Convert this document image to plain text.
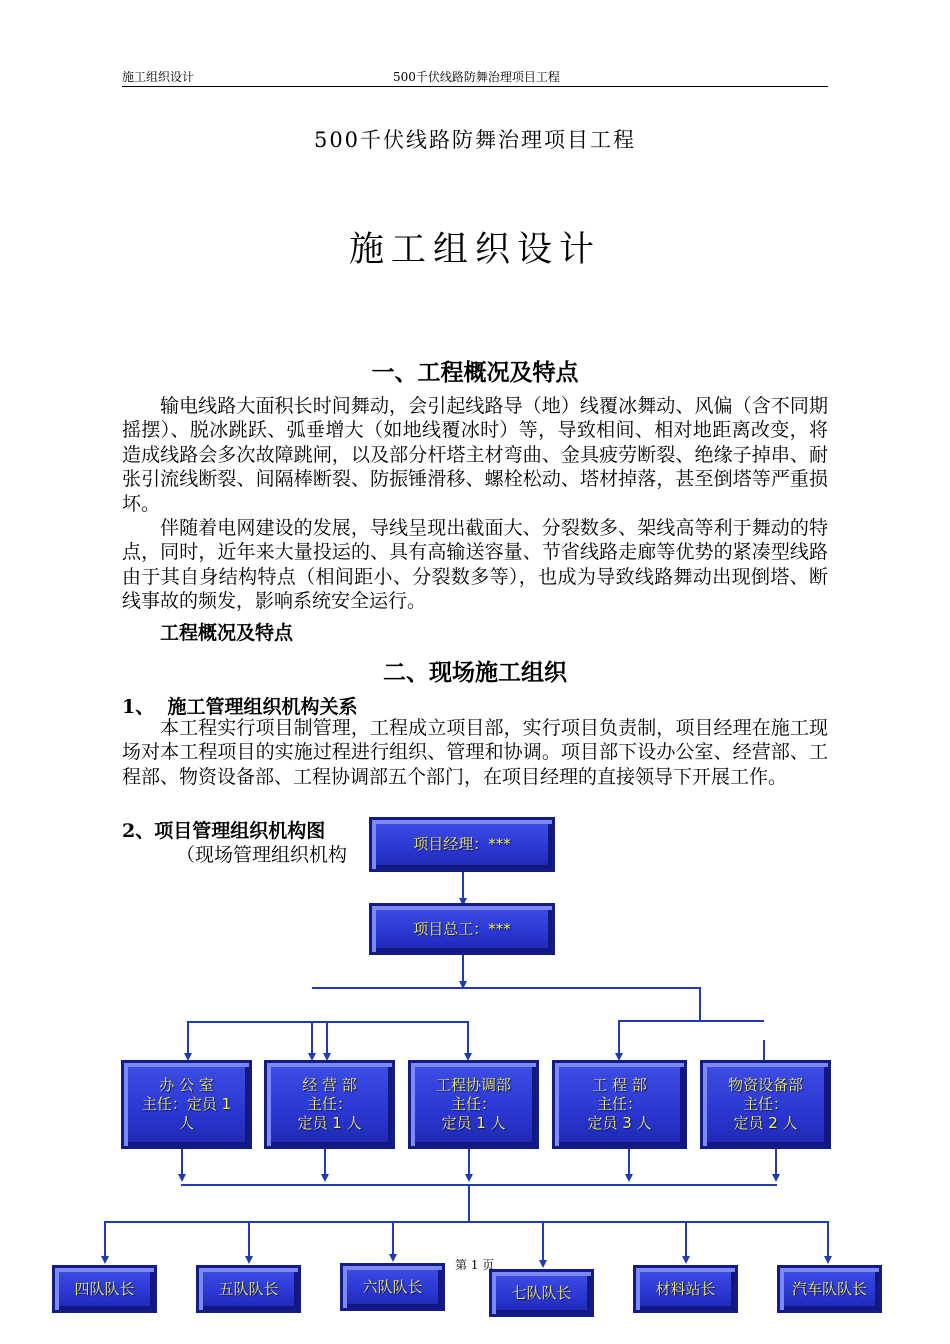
施工组织设计	500千伏线路防舞治理项目工程
500千伏线路防舞治理项目工程
施工组织设计
一、工程概况及特点
输电线路大面积长时间舞动，会引起线路导（地）线覆冰舞动、风偏（含不同期摇摆）、脱冰跳跃、弧垂增大（如地线覆冰时）等，导致相间、相对地距离改变，将造成线路会多次故障跳闸，以及部分杆塔主材弯曲、金具疲劳断裂、绝缘子掉串、耐张引流线断裂、间隔棒断裂、防振锤滑移、螺栓松动、塔材掉落，甚至倒塔等严重损坏。
伴随着电网建设的发展，导线呈现出截面大、分裂数多、架线高等利于舞动的特点，同时，近年来大量投运的、具有高输送容量、节省线路走廊等优势的紧凑型线路由于其自身结构特点（相间距小、分裂数多等），也成为导致线路舞动出现倒塔、断线事故的频发，影响系统安全运行。
工程概况及特点
二、现场施工组织
1、  施工管理组织机构关系
本工程实行项目制管理，工程成立项目部，实行项目负责制，项目经理在施工现场对本工程项目的实施过程进行组织、管理和协调。项目部下设办公室、经营部、工程部、物资设备部、工程协调部五个部门，在项目经理的直接领导下开展工作。
2、项目管理组织机构图
（现场管理组织机构	项目经理：***
项目总工：***
办 公 室
主任：定员 1
人
经 营 部
主任：
定员 1 人
工程协调部
主任：
定员 1 人
工 程 部
主任：
定员 3 人
物资设备部
主任：
定员 2 人
四队队长	五队队长	六队队长	七队队长	材料站长	汽车队队长
第 1 页
